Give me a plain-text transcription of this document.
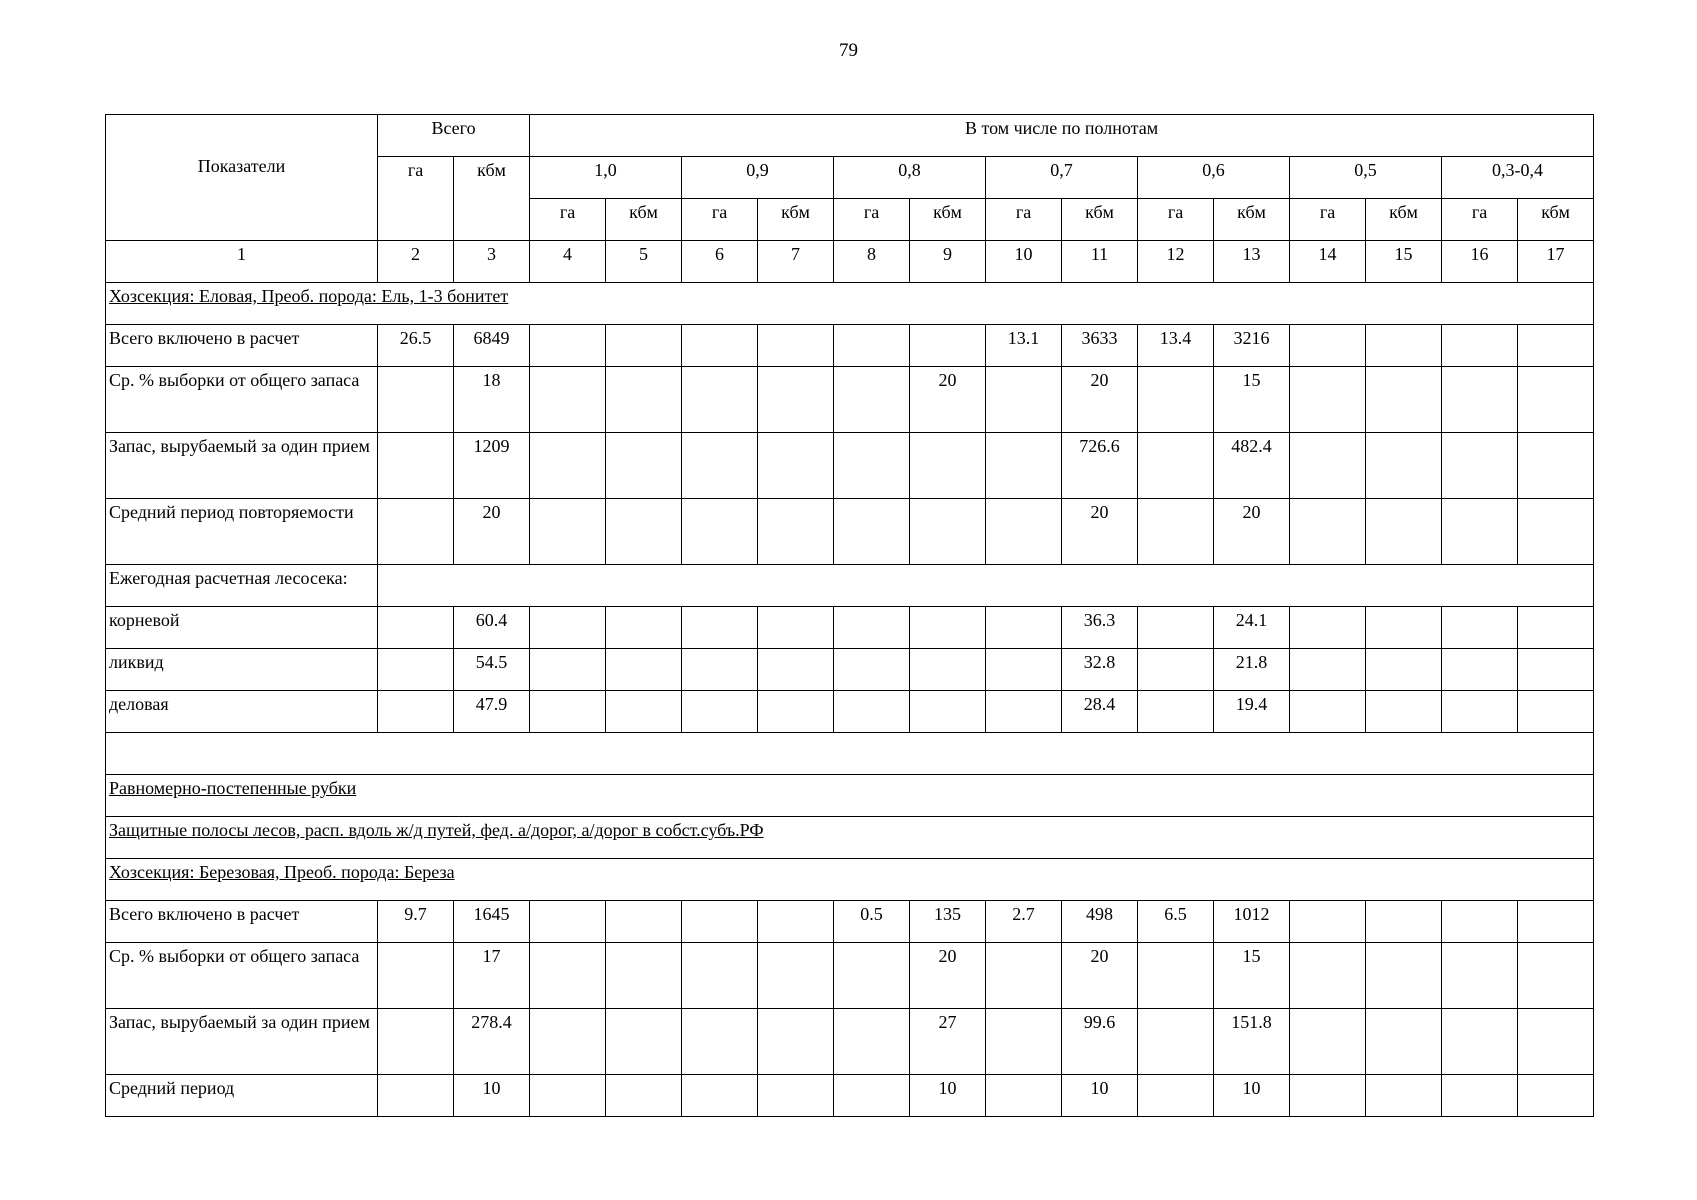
79
Показатели	Всего		В том числе по полнотам													
	га	кбм	1,0		0,9		0,8		0,7		0,6		0,5		0,3-0,4	
			га	кбм	га	кбм	га	кбм	га	кбм	га	кбм	га	кбм	га	кбм
1	2	3	4	5	6	7	8	9	10	11	12	13	14	15	16	17
Хозсекция: Еловая, Преоб. порода: Ель, 1-3 бонитет																
Всего включено в расчет	26.5	6849							13.1	3633	13.4	3216				
Ср. % выборки от общего запаса		18						20		20		15				
Запас, вырубаемый за один прием		1209								726.6		482.4				
Средний период повторяемости		20								20		20				
Ежегодная расчетная лесосека:																
корневой		60.4								36.3		24.1				
ликвид		54.5								32.8		21.8				
деловая		47.9								28.4		19.4				

Равномерно-постепенные рубки																
Защитные полосы лесов, расп. вдоль ж/д путей, фед. а/дорог, а/дорог в собст.субъ.РФ																
Хозсекция: Березовая, Преоб. порода: Береза																
Всего включено в расчет	9.7	1645					0.5	135	2.7	498	6.5	1012				
Ср. % выборки от общего запаса		17						20		20		15				
Запас, вырубаемый за один прием		278.4						27		99.6		151.8				
Средний период		10						10		10		10				
